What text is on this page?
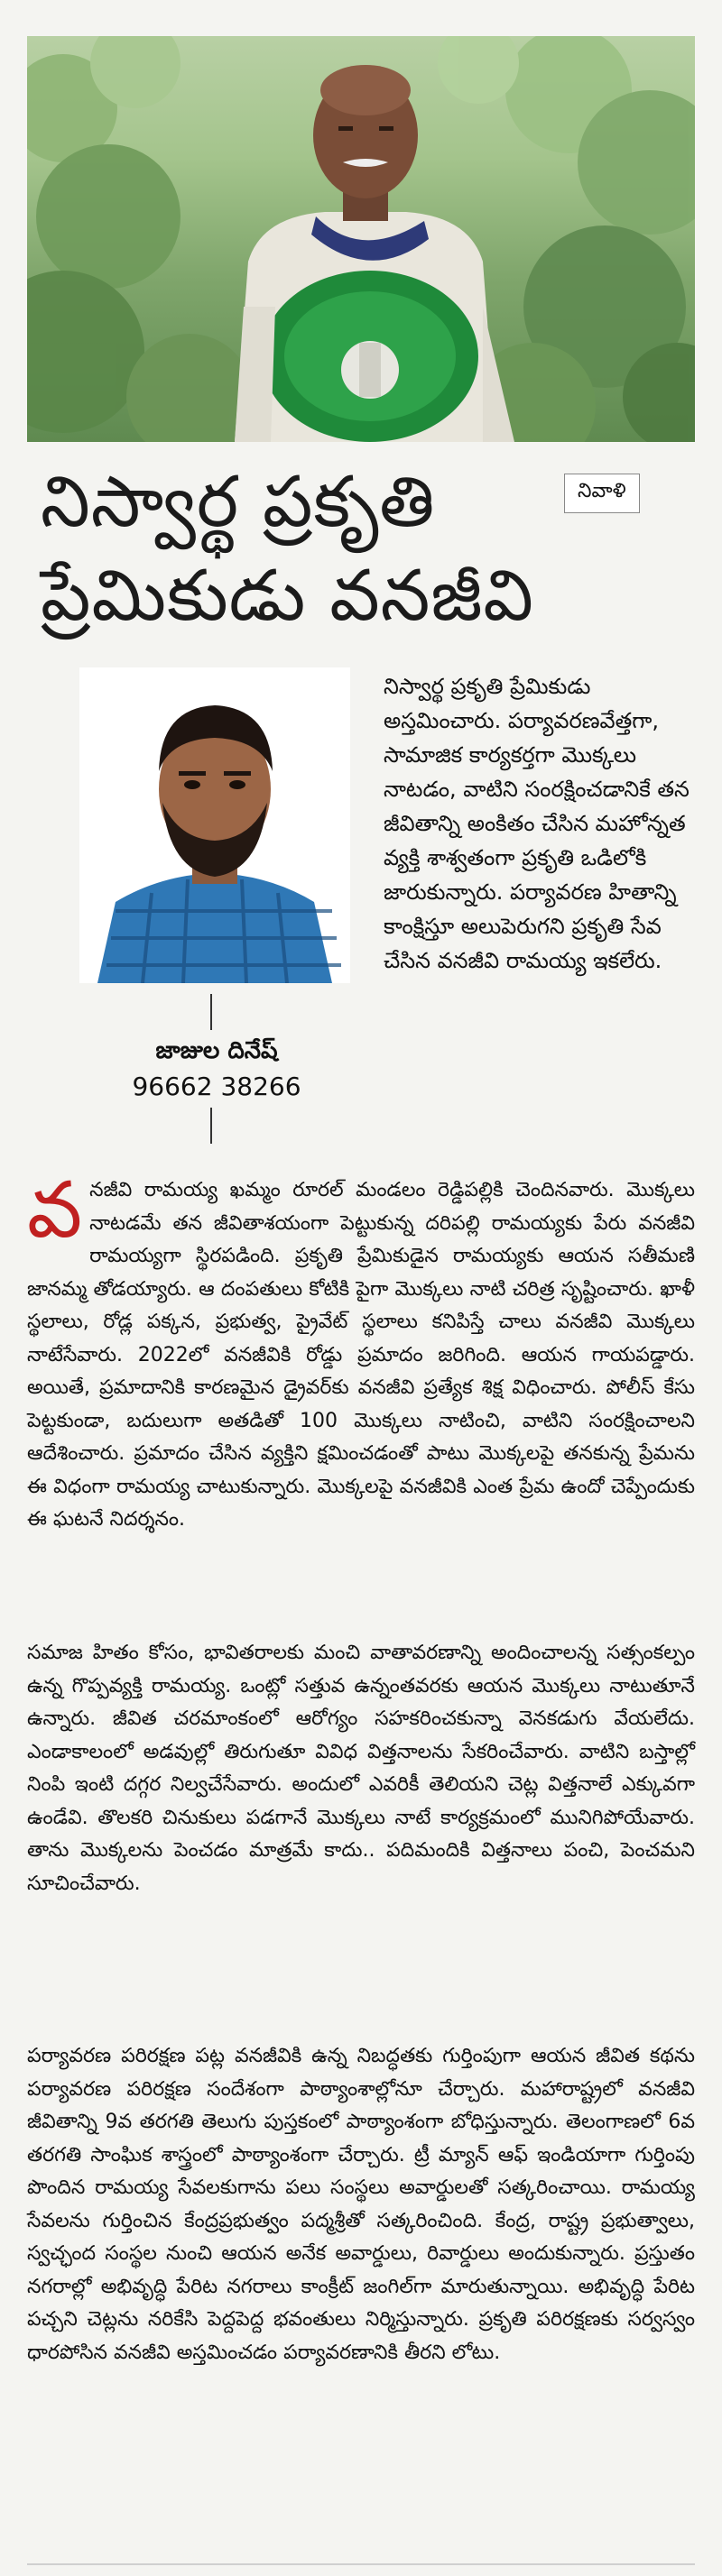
నిస్వార్థ ప్రకృతి
ప్రేమికుడు వనజీవి
నివాళి
జాజుల దినేష్
96662 38266
నిస్వార్థ ప్రకృతి ప్రేమికుడు అస్తమించారు. పర్యావరణవేత్తగా, సామాజిక కార్యకర్తగా మొక్కలు నాటడం, వాటిని సంరక్షించడానికే తన జీవితాన్ని అంకితం చేసిన మహోన్నత వ్యక్తి శాశ్వతంగా ప్రకృతి ఒడిలోకి జారుకున్నారు. పర్యావరణ హితాన్ని కాంక్షిస్తూ అలుపెరుగని ప్రకృతి సేవ చేసిన వనజీవి రామయ్య ఇకలేరు.
వ నజీవి రామయ్య ఖమ్మం రూరల్ మండలం రెడ్డిపల్లికి చెందినవారు. మొక్కలు నాటడమే తన జీవితాశయంగా పెట్టుకున్న దరిపల్లి రామయ్యకు పేరు వనజీవి రామయ్యగా స్థిరపడింది. ప్రకృతి ప్రేమికుడైన రామయ్యకు ఆయన సతీమణి జానమ్మ తోడయ్యారు. ఆ దంపతులు కోటికి పైగా మొక్కలు నాటి చరిత్ర సృష్టించారు. ఖాళీ స్థలాలు, రోడ్ల పక్కన, ప్రభుత్వ, ప్రైవేట్ స్థలాలు కనిపిస్తే చాలు వనజీవి మొక్కలు నాటేసేవారు. 2022లో వనజీవికి రోడ్డు ప్రమాదం జరిగింది. ఆయన గాయపడ్డారు. అయితే, ప్రమాదానికి కారణమైన డ్రైవర్‌కు వనజీవి ప్రత్యేక శిక్ష విధించారు. పోలీస్ కేసు పెట్టకుండా, బదులుగా అతడితో 100 మొక్కలు నాటించి, వాటిని సంరక్షించాలని ఆదేశించారు. ప్రమాదం చేసిన వ్యక్తిని క్షమించడంతో పాటు మొక్కలపై తనకున్న ప్రేమను ఈ విధంగా రామయ్య చాటుకున్నారు. మొక్కలపై వనజీవికి ఎంత ప్రేమ ఉందో చెప్పేందుకు ఈ ఘటనే నిదర్శనం.
సమాజ హితం కోసం, భావితరాలకు మంచి వాతావరణాన్ని అందించాలన్న సత్సంకల్పం ఉన్న గొప్పవ్యక్తి రామయ్య. ఒంట్లో సత్తువ ఉన్నంతవరకు ఆయన మొక్కలు నాటుతూనే ఉన్నారు. జీవిత చరమాంకంలో ఆరోగ్యం సహకరించకున్నా వెనకడుగు వేయలేదు. ఎండాకాలంలో అడవుల్లో తిరుగుతూ వివిధ విత్తనాలను సేకరించేవారు. వాటిని బస్తాల్లో నింపి ఇంటి దగ్గర నిల్వచేసేవారు. అందులో ఎవరికీ తెలియని చెట్ల విత్తనాలే ఎక్కువగా ఉండేవి. తొలకరి చినుకులు పడగానే మొక్కలు నాటే కార్యక్రమంలో మునిగిపోయేవారు. తాను మొక్కలను పెంచడం మాత్రమే కాదు.. పదిమందికి విత్తనాలు పంచి, పెంచమని సూచించేవారు.
పర్యావరణ పరిరక్షణ పట్ల వనజీవికి ఉన్న నిబద్ధతకు గుర్తింపుగా ఆయన జీవిత కథను పర్యావరణ పరిరక్షణ సందేశంగా పాఠ్యాంశాల్లోనూ చేర్చారు. మహారాష్ట్రలో వనజీవి జీవితాన్ని 9వ తరగతి తెలుగు పుస్తకంలో పాఠ్యాంశంగా బోధిస్తున్నారు. తెలంగాణలో 6వ తరగతి సాంఘిక శాస్త్రంలో పాఠ్యాంశంగా చేర్చారు. ట్రీ మ్యాన్ ఆఫ్ ఇండియాగా గుర్తింపు పొందిన రామయ్య సేవలకుగాను పలు సంస్థలు అవార్డులతో సత్కరించాయి. రామయ్య సేవలను గుర్తించిన కేంద్రప్రభుత్వం పద్మశ్రీతో సత్కరించింది. కేంద్ర, రాష్ట్ర ప్రభుత్వాలు, స్వచ్ఛంద సంస్థల నుంచి ఆయన అనేక అవార్డులు, రివార్డులు అందుకున్నారు. ప్రస్తుతం నగరాల్లో అభివృద్ధి పేరిట నగరాలు కాంక్రీట్ జంగిల్‌గా మారుతున్నాయి. అభివృద్ధి పేరిట పచ్చని చెట్లను నరికేసి పెద్దపెద్ద భవంతులు నిర్మిస్తున్నారు. ప్రకృతి పరిరక్షణకు సర్వస్వం ధారపోసిన వనజీవి అస్తమించడం పర్యావరణానికి తీరని లోటు.
